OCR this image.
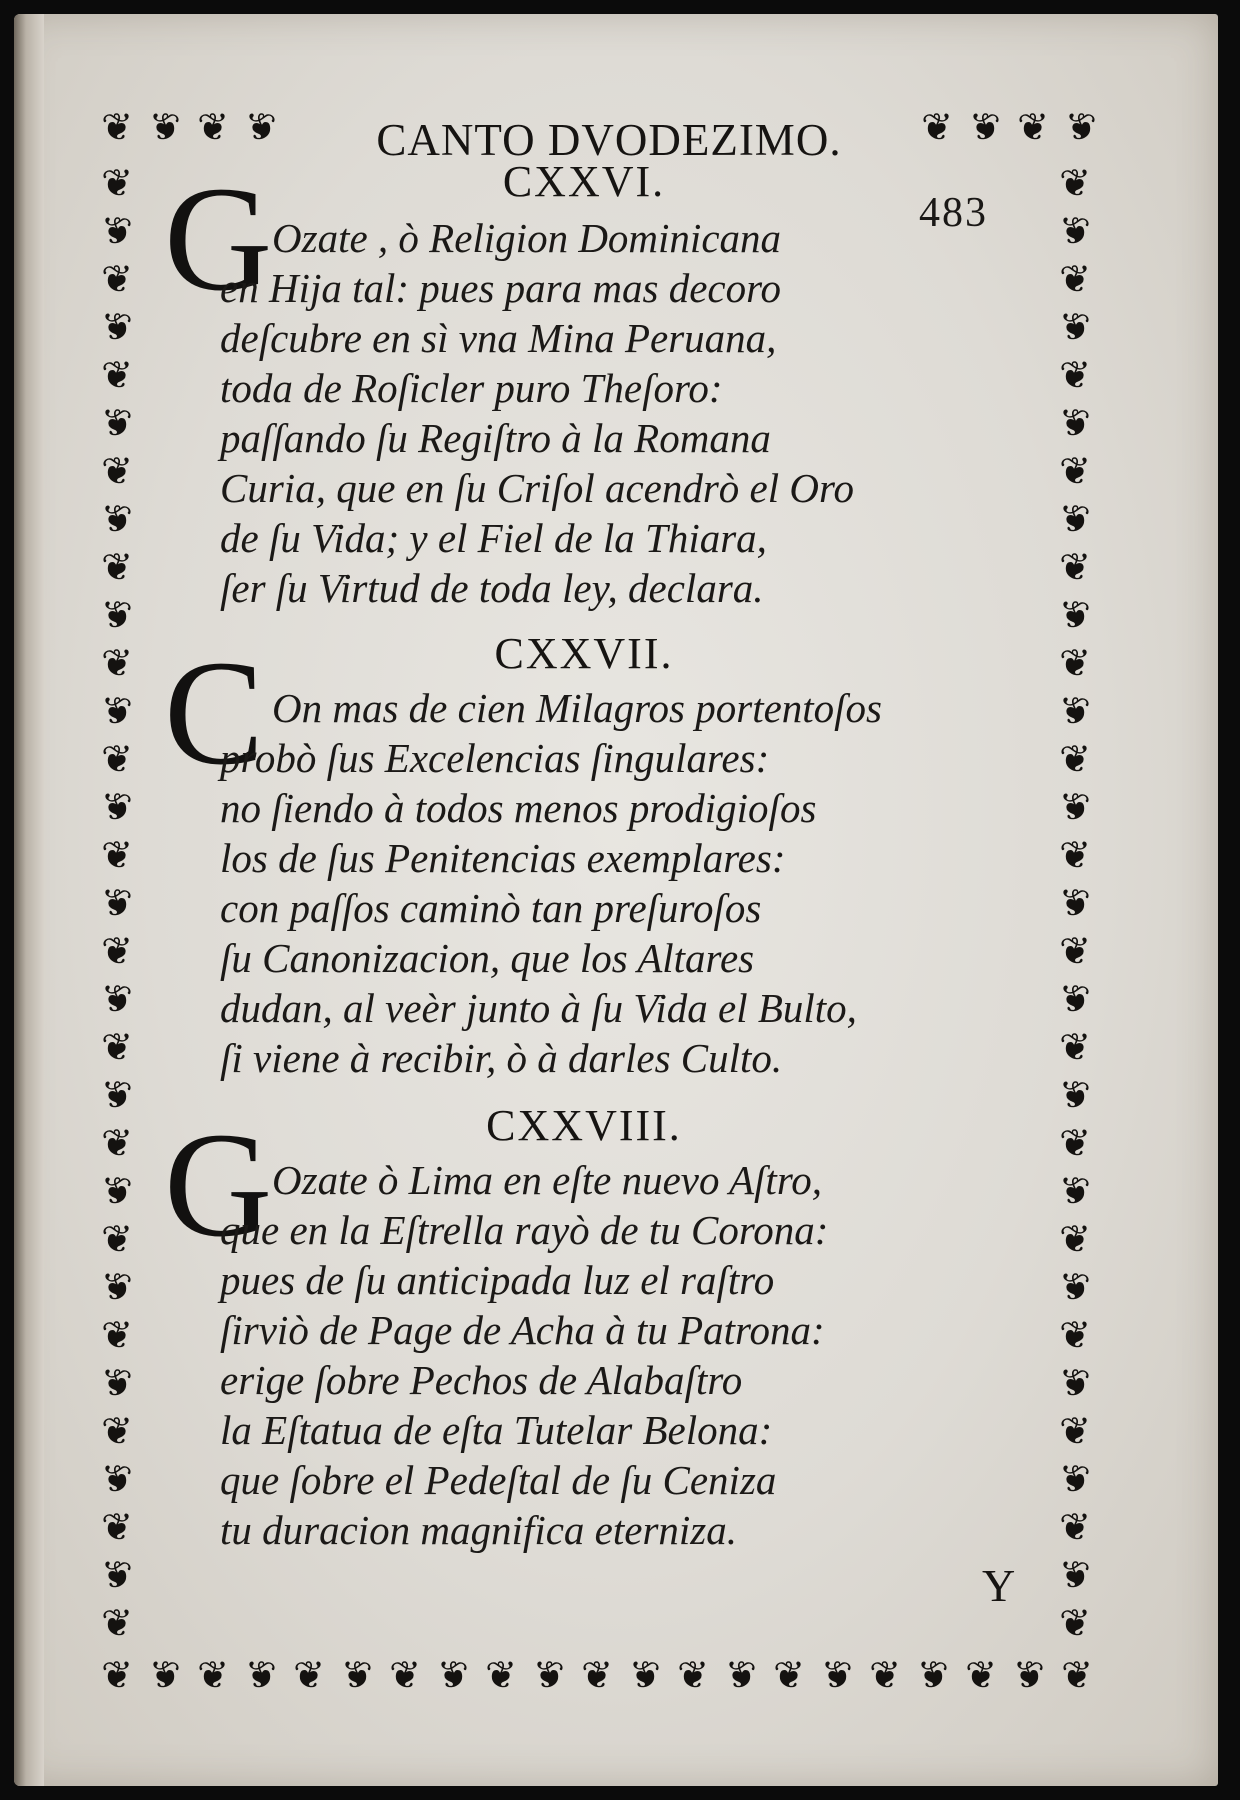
❦ ❦ ❦ ❦	❦ ❦ ❦ ❦
❦
❦
❦
❦
❦
❦
❦
❦
❦
❦
❦
❦
❦
❦
❦
❦
❦
❦
❦
❦
❦
❦
❦
❦
❦
❦
❦
❦
❦
❦
❦
❦
❦
❦
❦
❦
❦
❦
❦
❦
❦
❦
❦
❦
❦
❦
❦
❦
❦
❦
❦
❦
❦
❦
❦
❦
❦
❦
❦
❦
❦
❦
❦ ❦ ❦ ❦ ❦ ❦ ❦ ❦ ❦ ❦ ❦ ❦ ❦ ❦ ❦ ❦ ❦ ❦ ❦ ❦ ❦
CANTO DVODEZIMO.
483
Y
CXXVI.
G Ozate , ò Religion Dominicana
en Hija tal: pues para mas decoro
deſcubre en sì vna Mina Peruana,
toda de Roſicler puro Theſoro:
paſſando ſu Regiſtro à la Romana
Curia, que en ſu Criſol acendrò el Oro
de ſu Vida; y el Fiel de la Thiara,
ſer ſu Virtud de toda ley, declara.
CXXVII.
C On mas de cien Milagros portentoſos
probò ſus Excelencias ſingulares:
no ſiendo à todos menos prodigioſos
los de ſus Penitencias exemplares:
con paſſos caminò tan preſuroſos
ſu Canonizacion, que los Altares
dudan, al veèr junto à ſu Vida el Bulto,
ſi viene à recibir, ò à darles Culto.
CXXVIII.
G Ozate ò Lima en eſte nuevo Aſtro,
que en la Eſtrella rayò de tu Corona:
pues de ſu anticipada luz el raſtro
ſirviò de Page de Acha à tu Patrona:
erige ſobre Pechos de Alabaſtro
la Eſtatua de eſta Tutelar Belona:
que ſobre el Pedeſtal de ſu Ceniza
tu duracion magnifica eterniza.
